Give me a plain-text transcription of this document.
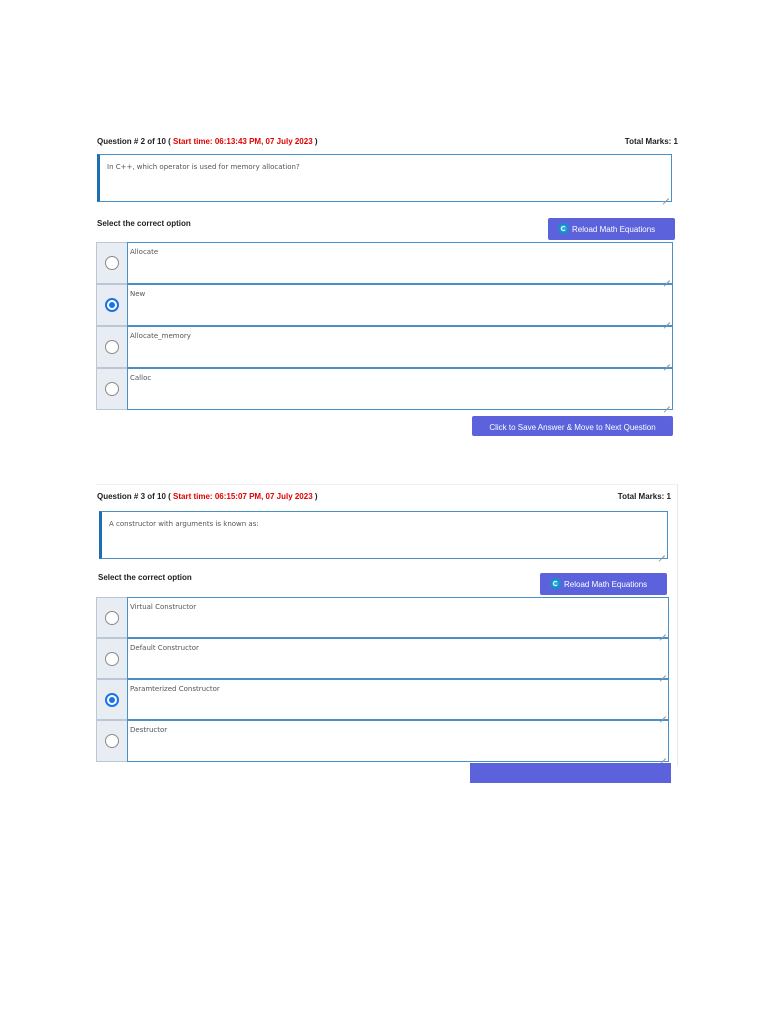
Question # 2 of 10 ( Start time: 06:13:43 PM, 07 July 2023 )	Total Marks: 1
In C++, which operator is used for memory allocation?
Select the correct option
Reload Math Equations
Allocate
New
Allocate_memory
Calloc
Click to Save Answer & Move to Next Question
Question # 3 of 10 ( Start time: 06:15:07 PM, 07 July 2023 )	Total Marks: 1
A constructor with arguments is known as:
Select the correct option
Reload Math Equations
Virtual Constructor
Default Constructor
Paramterized Constructor
Destructor
